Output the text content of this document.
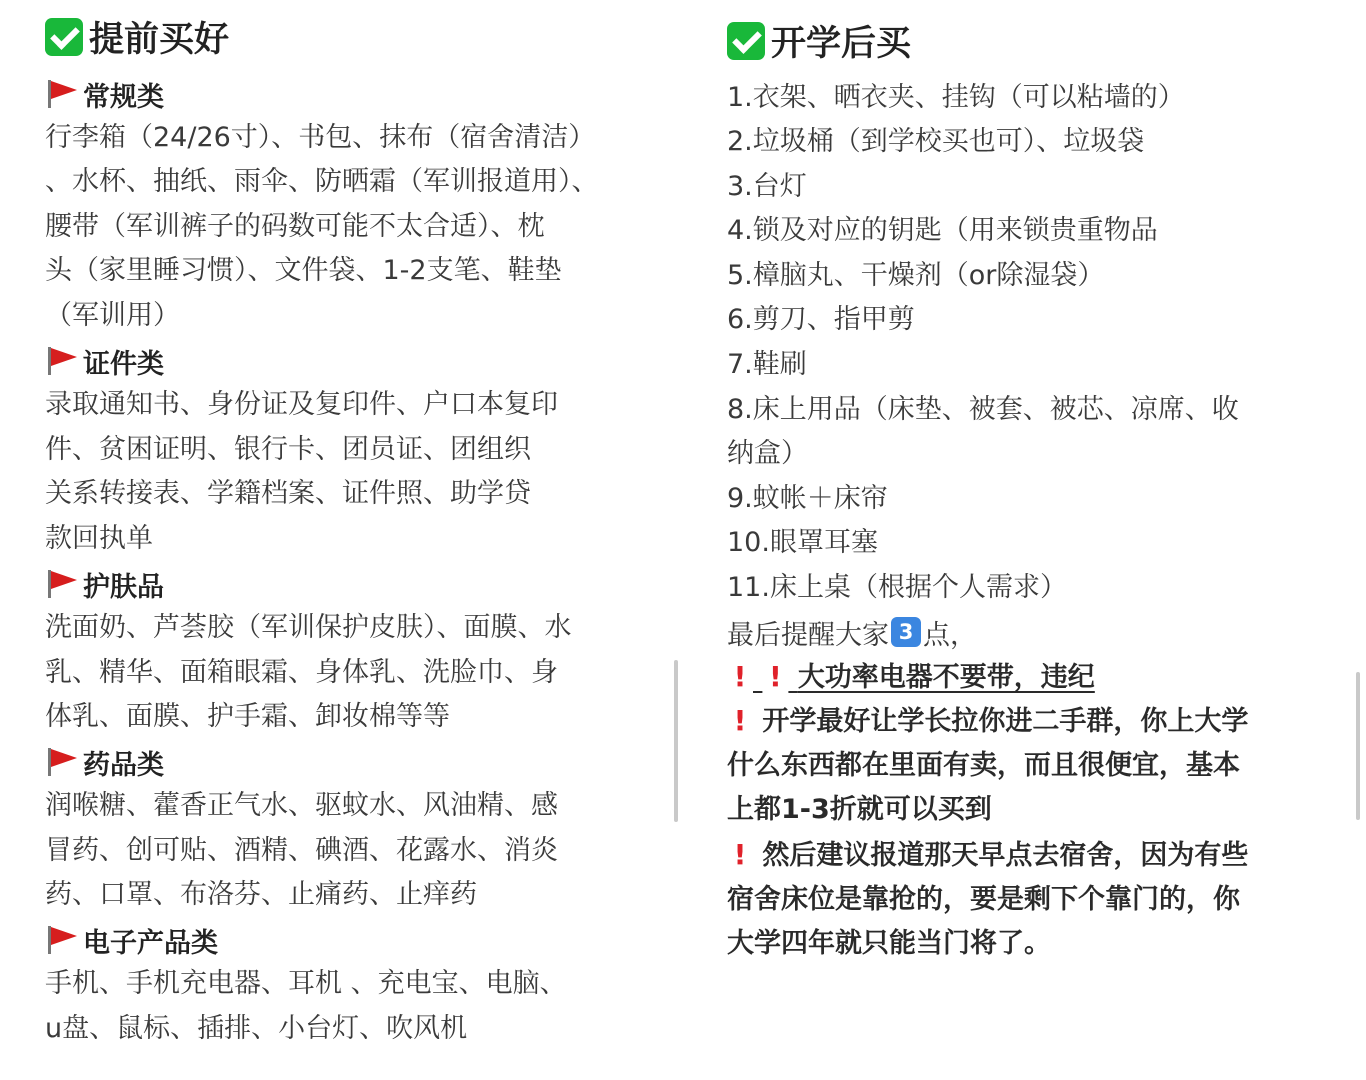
提前买好
常规类
行李箱（24/26寸）、书包、抹布（宿舍清洁）
、水杯、抽纸、雨伞、防晒霜（军训报道用）、
腰带（军训裤子的码数可能不太合适）、枕
头（家里睡习惯）、文件袋、1-2支笔、鞋垫
（军训用）
证件类
录取通知书、身份证及复印件、户口本复印
件、贫困证明、银行卡、团员证、团组织
关系转接表、学籍档案、证件照、助学贷
款回执单
护肤品
洗面奶、芦荟胶（军训保护皮肤）、面膜、水
乳、精华、面箱眼霜、身体乳、洗脸巾、身
体乳、面膜、护手霜、卸妆棉等等
药品类
润喉糖、藿香正气水、驱蚊水、风油精、感
冒药、创可贴、酒精、碘酒、花露水、消炎
药、口罩、布洛芬、止痛药、止痒药
电子产品类
手机、手机充电器、耳机 、充电宝、电脑、
u盘、鼠标、插排、小台灯、吹风机
开学后买
1.衣架、晒衣夹、挂钩（可以粘墙的）
2.垃圾桶（到学校买也可）、垃圾袋
3.台灯
4.锁及对应的钥匙（用来锁贵重物品
5.樟脑丸、干燥剂（or除湿袋）
6.剪刀、指甲剪
7.鞋刷
8.床上用品（床垫、被套、被芯、凉席、收
纳盒）
9.蚊帐＋床帘
10.眼罩耳塞
11.床上桌（根据个人需求）
最后提醒大家 3 点，
! ! 大功率电器不要带，违纪
! 开学最好让学长拉你进二手群，你上大学
什么东西都在里面有卖，而且很便宜，基本
上都1-3折就可以买到
! 然后建议报道那天早点去宿舍，因为有些
宿舍床位是靠抢的，要是剩下个靠门的，你
大学四年就只能当门将了。
